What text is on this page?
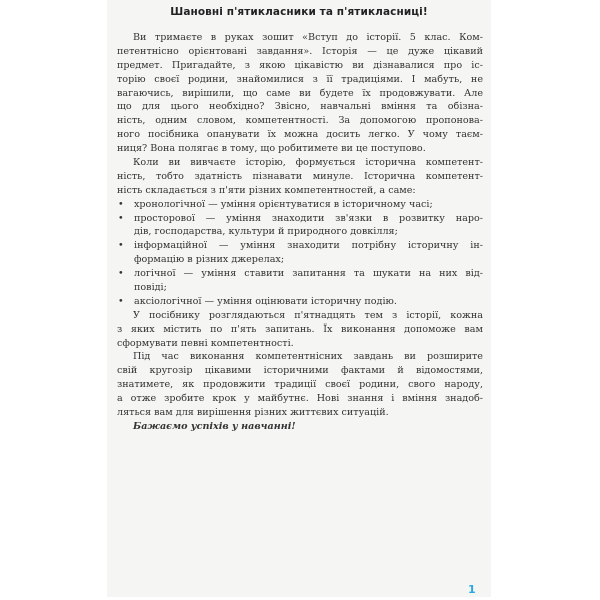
Шановні п'ятикласники та п'ятикласниці!
Ви тримаєте в руках зошит «Вступ до історії. 5 клас. Ком-
петентнісно орієнтовані завдання». Історія — це дуже цікавий
предмет. Пригадайте, з якою цікавістю ви дізнавалися про іс-
торію своєї родини, знайомилися з її традиціями. І мабуть, не
вагаючись, вирішили, що саме ви будете їх продовжувати. Але
що для цього необхідно? Звісно, навчальні вміння та обізна-
ність, одним словом, компетентності. За допомогою пропонова-
ного посібника опанувати їх можна досить легко. У чому таєм-
ниця? Вона полягає в тому, що робитимете ви це поступово.
Коли ви вивчаєте історію, формується історична компетент-
ність, тобто здатність пізнавати минуле. Історична компетент-
ність складається з п'яти різних компетентностей, а саме:
• хронологічної — уміння орієнтуватися в історичному часі;
• просторової — уміння знаходити зв'язки в розвитку наро-
дів, господарства, культури й природного довкілля;
• інформаційної — уміння знаходити потрібну історичну ін-
формацію в різних джерелах;
• логічної — уміння ставити запитання та шукати на них від-
повіді;
• аксіологічної — уміння оцінювати історичну подію.
У посібнику розглядаються п'ятнадцять тем з історії, кожна
з яких містить по п'ять запитань. Їх виконання допоможе вам
сформувати певні компетентності.
Під час виконання компетентнісних завдань ви розширите
свій кругозір цікавими історичними фактами й відомостями,
знатимете, як продовжити традиції своєї родини, свого народу,
а отже зробите крок у майбутнє. Нові знання і вміння знадоб-
ляться вам для вирішення різних життєвих ситуацій.
Бажаємо успіхів у навчанні!
1
